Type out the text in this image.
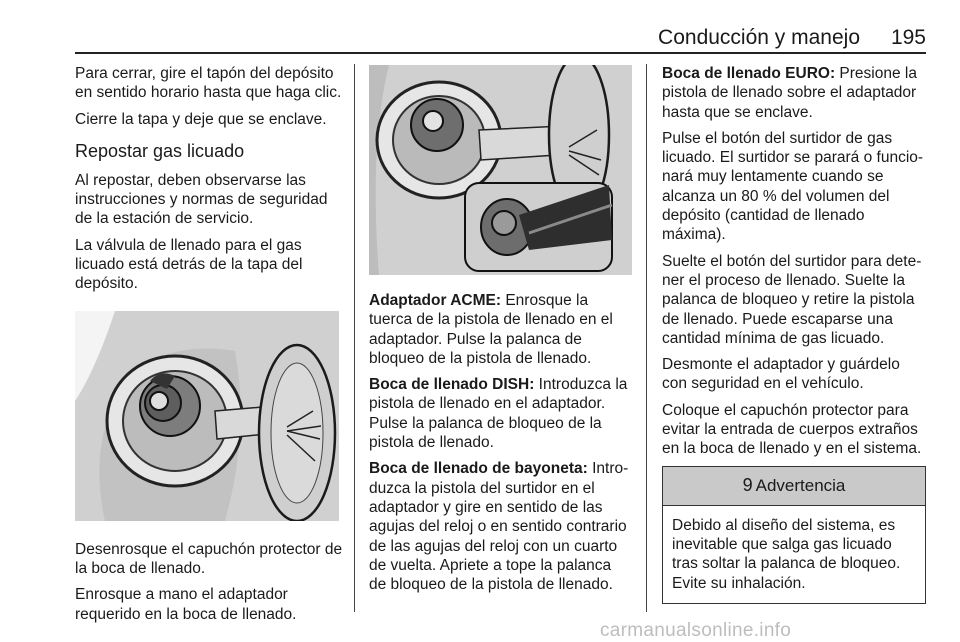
Conducción y manejo	195

Para cerrar, gire el tapón del depósito en sentido horario hasta que haga clic.

Cierre la tapa y deje que se enclave.

Repostar gas licuado

Al repostar, deben observarse las instrucciones y normas de seguridad de la estación de servicio.

La válvula de llenado para el gas licuado está detrás de la tapa del depósito.

Desenrosque el capuchón protector de la boca de llenado.

Enrosque a mano el adaptador requerido en la boca de llenado.

Adaptador ACME: Enrosque la tuerca de la pistola de llenado en el adaptador. Pulse la palanca de bloqueo de la pistola de llenado.

Boca de llenado DISH: Introduzca la pistola de llenado en el adaptador. Pulse la palanca de bloqueo de la pistola de llenado.

Boca de llenado de bayoneta: Introduzca la pistola del surtidor en el adaptador y gire en sentido de las agujas del reloj o en sentido contrario de las agujas del reloj con un cuarto de vuelta. Apriete a tope la palanca de bloqueo de la pistola de llenado.

Boca de llenado EURO: Presione la pistola de llenado sobre el adaptador hasta que se enclave.

Pulse el botón del surtidor de gas licuado. El surtidor se parará o funcionará muy lentamente cuando se alcanza un 80 % del volumen del depósito (cantidad de llenado máxima).

Suelte el botón del surtidor para detener el proceso de llenado. Suelte la palanca de bloqueo y retire la pistola de llenado. Puede escaparse una cantidad mínima de gas licuado.

Desmonte el adaptador y guárdelo con seguridad en el vehículo.

Coloque el capuchón protector para evitar la entrada de cuerpos extraños en la boca de llenado y en el sistema.

9 Advertencia
Debido al diseño del sistema, es inevitable que salga gas licuado tras soltar la palanca de bloqueo. Evite su inhalación.
carmanualsonline.info
